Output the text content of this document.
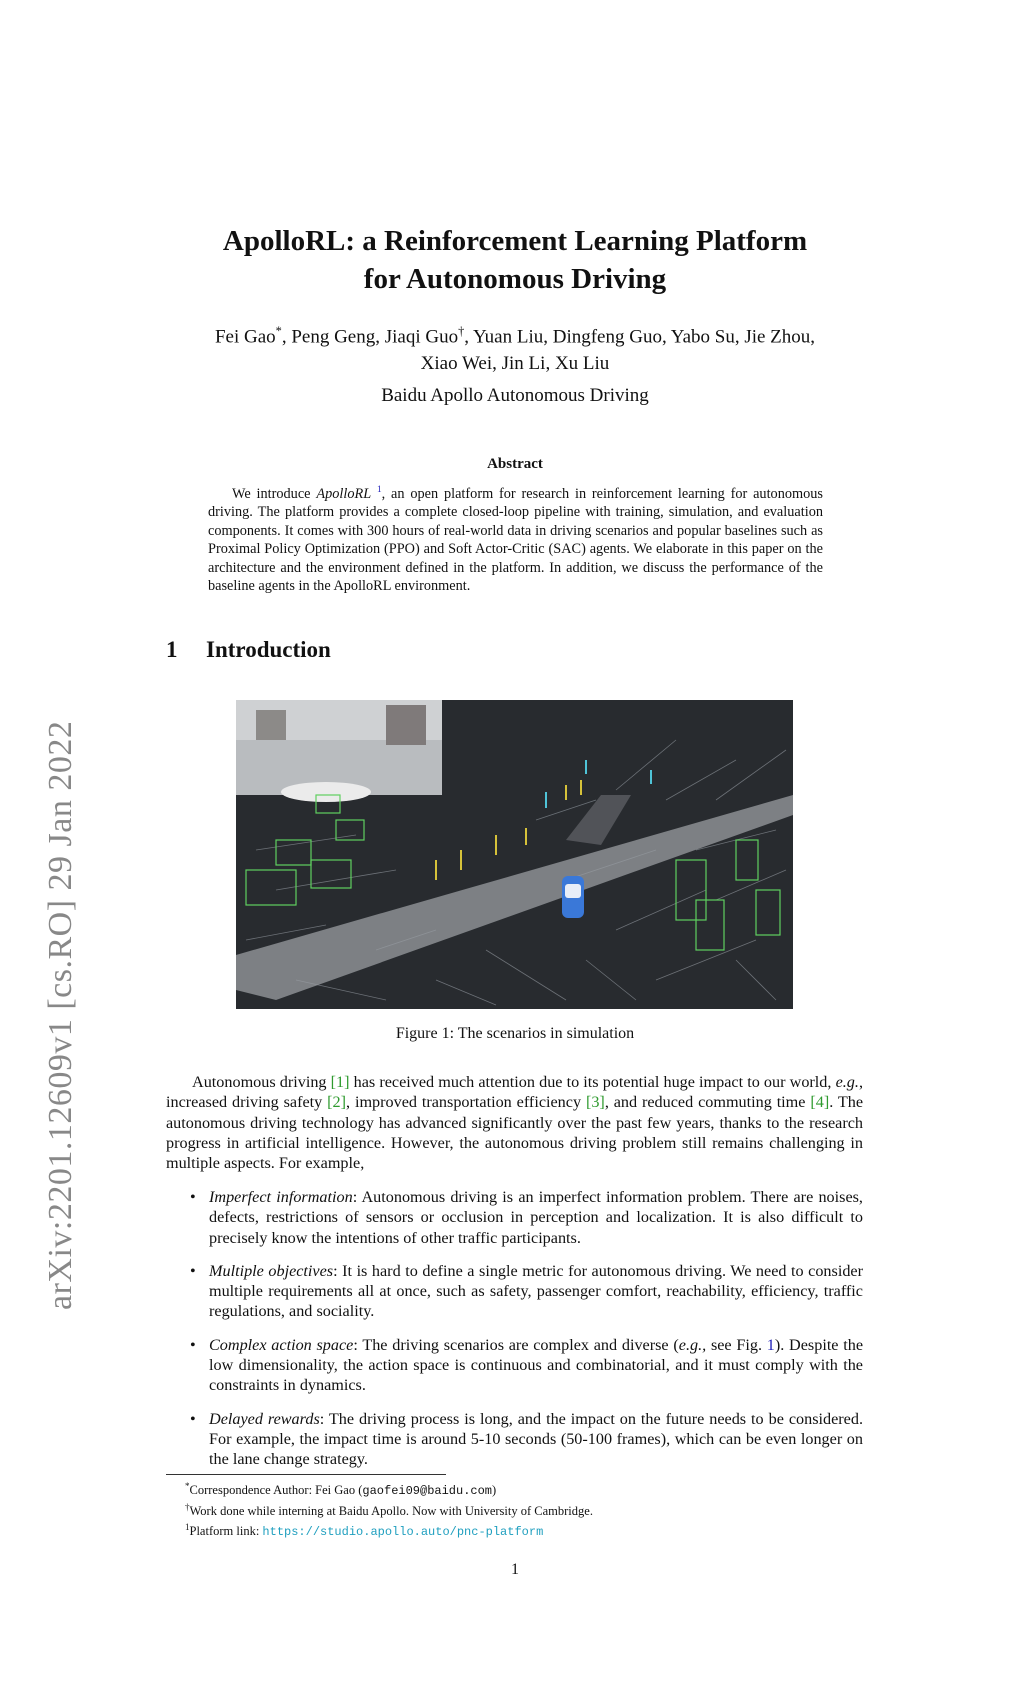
arXiv:2201.12609v1 [cs.RO] 29 Jan 2022
ApolloRL: a Reinforcement Learning Platform
for Autonomous Driving
Fei Gao*, Peng Geng, Jiaqi Guo†, Yuan Liu, Dingfeng Guo, Yabo Su, Jie Zhou,
Xiao Wei, Jin Li, Xu Liu
Baidu Apollo Autonomous Driving
Abstract
We introduce ApolloRL $^1$, an open platform for research in reinforcement learning for autonomous driving. The platform provides a complete closed-loop pipeline with training, simulation, and evaluation components. It comes with 300 hours of real-world data in driving scenarios and popular baselines such as Proximal Policy Optimization (PPO) and Soft Actor-Critic (SAC) agents. We elaborate in this paper on the architecture and the environment defined in the platform. In addition, we discuss the performance of the baseline agents in the ApolloRL environment.
1 Introduction
Figure 1: The scenarios in simulation
Autonomous driving [1] has received much attention due to its potential huge impact to our world, e.g., increased driving safety [2], improved transportation efficiency [3], and reduced commuting time [4]. The autonomous driving technology has advanced significantly over the past few years, thanks to the research progress in artificial intelligence. However, the autonomous driving problem still remains challenging in multiple aspects. For example,
• Imperfect information: Autonomous driving is an imperfect information problem. There are noises, defects, restrictions of sensors or occlusion in perception and localization. It is also difficult to precisely know the intentions of other traffic participants.
• Multiple objectives: It is hard to define a single metric for autonomous driving. We need to consider multiple requirements all at once, such as safety, passenger comfort, reachability, efficiency, traffic regulations, and sociality.
• Complex action space: The driving scenarios are complex and diverse (e.g., see Fig. 1). Despite the low dimensionality, the action space is continuous and combinatorial, and it must comply with the constraints in dynamics.
• Delayed rewards: The driving process is long, and the impact on the future needs to be considered. For example, the impact time is around 5-10 seconds (50-100 frames), which can be even longer on the lane change strategy.
*Correspondence Author: Fei Gao (gaofei09@baidu.com)
†Work done while interning at Baidu Apollo. Now with University of Cambridge.
$^1$Platform link: https://studio.apollo.auto/pnc-platform
1
